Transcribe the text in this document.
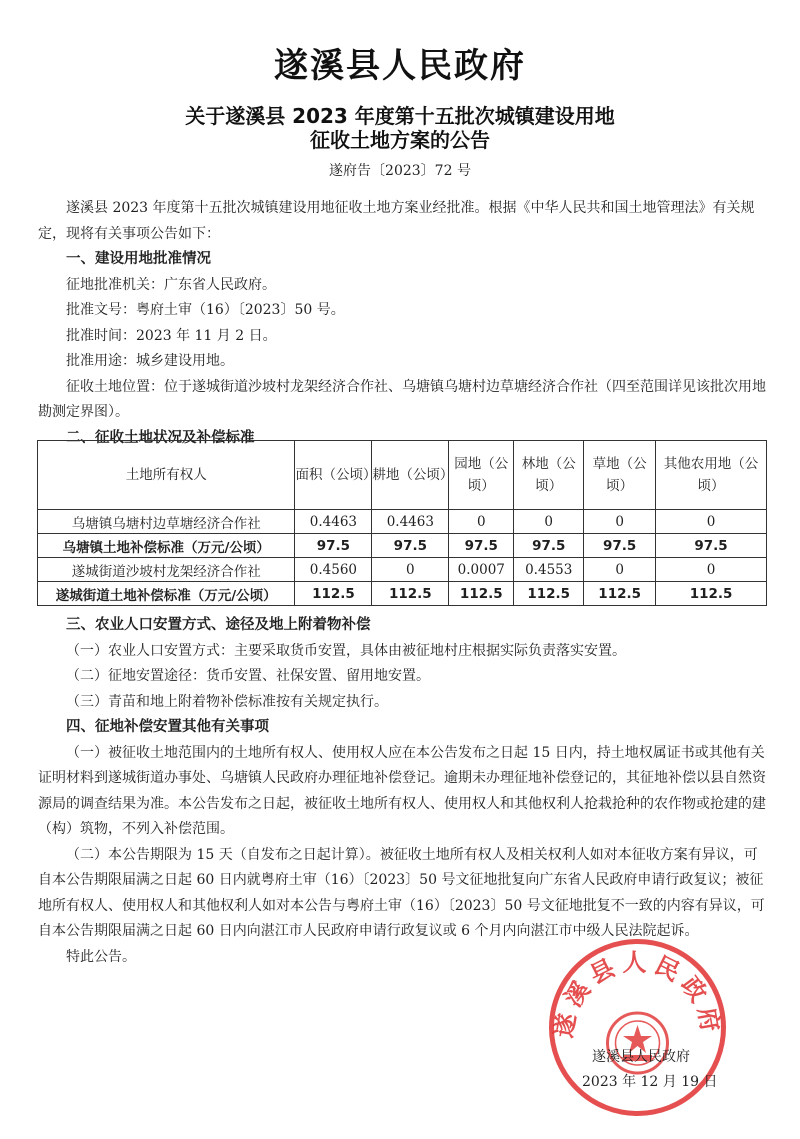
遂溪县人民政府
关于遂溪县 2023 年度第十五批次城镇建设用地
征收土地方案的公告
遂府告〔2023〕72 号

遂溪县 2023 年度第十五批次城镇建设用地征收土地方案业经批准。根据《中华人民共和国土地管理法》有关规定，现将有关事项公告如下：

一、建设用地批准情况

征地批准机关：广东省人民政府。

批准文号：粤府土审（16）〔2023〕50 号。

批准时间：2023 年 11 月 2 日。

批准用途：城乡建设用地。

征收土地位置：位于遂城街道沙坡村龙架经济合作社、乌塘镇乌塘村边草塘经济合作社（四至范围详见该批次用地勘测定界图）。

二、征收土地状况及补偿标准

土地所有权人	面积（公顷）	耕地（公顷）	园地（公顷）	林地（公顷）	草地（公顷）	其他农用地（公顷）
乌塘镇乌塘村边草塘经济合作社	0.4463	0.4463	0	0	0	0
乌塘镇土地补偿标准（万元/公顷）	97.5	97.5	97.5	97.5	97.5	97.5
遂城街道沙坡村龙架经济合作社	0.4560	0	0.0007	0.4553	0	0
遂城街道土地补偿标准（万元/公顷）	112.5	112.5	112.5	112.5	112.5	112.5

三、农业人口安置方式、途径及地上附着物补偿

（一）农业人口安置方式：主要采取货币安置，具体由被征地村庄根据实际负责落实安置。

（二）征地安置途径：货币安置、社保安置、留用地安置。

（三）青苗和地上附着物补偿标准按有关规定执行。

四、征地补偿安置其他有关事项

（一）被征收土地范围内的土地所有权人、使用权人应在本公告发布之日起 15 日内，持土地权属证书或其他有关证明材料到遂城街道办事处、乌塘镇人民政府办理征地补偿登记。逾期未办理征地补偿登记的，其征地补偿以县自然资源局的调查结果为准。本公告发布之日起，被征收土地所有权人、使用权人和其他权利人抢栽抢种的农作物或抢建的建（构）筑物，不列入补偿范围。

（二）本公告期限为 15 天（自发布之日起计算）。被征收土地所有权人及相关权利人如对本征收方案有异议，可自本公告期限届满之日起 60 日内就粤府土审（16）〔2023〕50 号文征地批复向广东省人民政府申请行政复议；被征地所有权人、使用权人和其他权利人如对本公告与粤府土审（16）〔2023〕50 号文征地批复不一致的内容有异议，可自本公告期限届满之日起 60 日内向湛江市人民政府申请行政复议或 6 个月内向湛江市中级人民法院起诉。

特此公告。

遂溪县人民政府
遂溪县人民政府
2023 年 12 月 19 日
